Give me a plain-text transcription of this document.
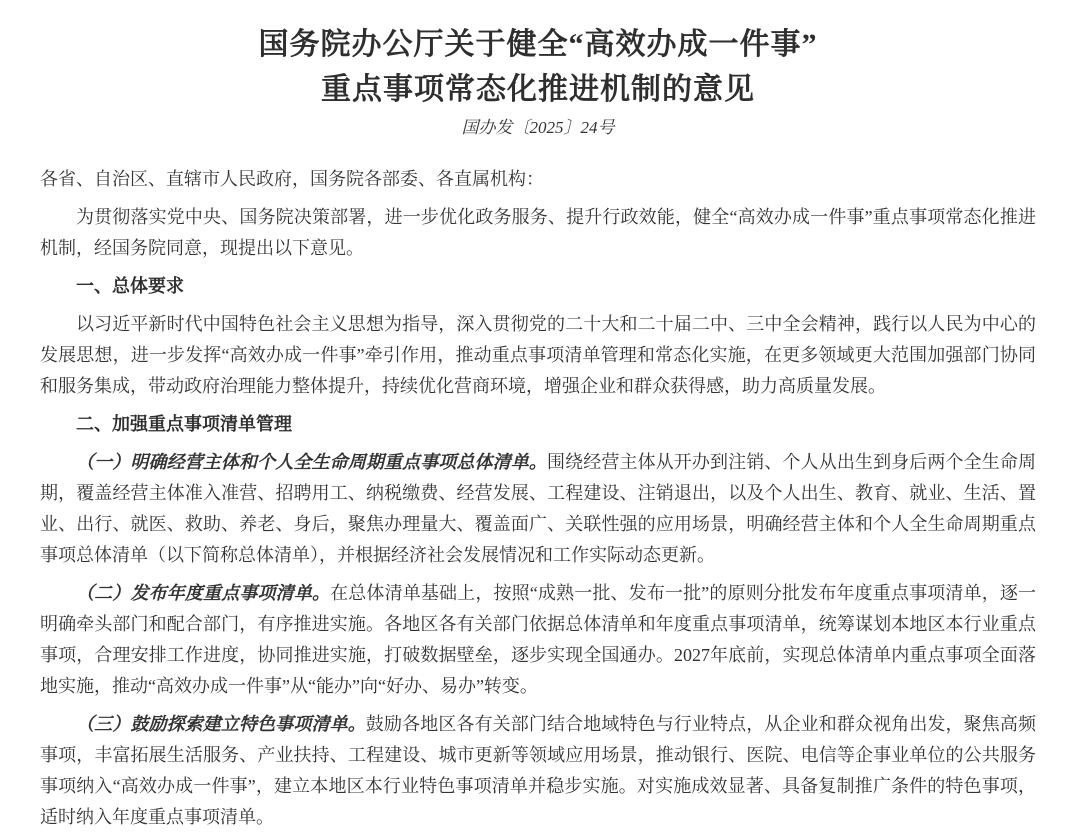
国务院办公厅关于健全“高效办成一件事”
重点事项常态化推进机制的意见
国办发〔2025〕24号

各省、自治区、直辖市人民政府，国务院各部委、各直属机构：

为贯彻落实党中央、国务院决策部署，进一步优化政务服务、提升行政效能，健全“高效办成一件事”重点事项常态化推进机制，经国务院同意，现提出以下意见。

一、总体要求

以习近平新时代中国特色社会主义思想为指导，深入贯彻党的二十大和二十届二中、三中全会精神，践行以人民为中心的发展思想，进一步发挥“高效办成一件事”牵引作用，推动重点事项清单管理和常态化实施，在更多领域更大范围加强部门协同和服务集成，带动政府治理能力整体提升，持续优化营商环境，增强企业和群众获得感，助力高质量发展。

二、加强重点事项清单管理

（一）明确经营主体和个人全生命周期重点事项总体清单。围绕经营主体从开办到注销、个人从出生到身后两个全生命周期，覆盖经营主体准入准营、招聘用工、纳税缴费、经营发展、工程建设、注销退出，以及个人出生、教育、就业、生活、置业、出行、就医、救助、养老、身后，聚焦办理量大、覆盖面广、关联性强的应用场景，明确经营主体和个人全生命周期重点事项总体清单（以下简称总体清单），并根据经济社会发展情况和工作实际动态更新。

（二）发布年度重点事项清单。在总体清单基础上，按照“成熟一批、发布一批”的原则分批发布年度重点事项清单，逐一明确牵头部门和配合部门，有序推进实施。各地区各有关部门依据总体清单和年度重点事项清单，统筹谋划本地区本行业重点事项，合理安排工作进度，协同推进实施，打破数据壁垒，逐步实现全国通办。2027年底前，实现总体清单内重点事项全面落地实施，推动“高效办成一件事”从“能办”向“好办、易办”转变。

（三）鼓励探索建立特色事项清单。鼓励各地区各有关部门结合地域特色与行业特点，从企业和群众视角出发，聚焦高频事项，丰富拓展生活服务、产业扶持、工程建设、城市更新等领域应用场景，推动银行、医院、电信等企事业单位的公共服务事项纳入“高效办成一件事”，建立本地区本行业特色事项清单并稳步实施。对实施成效显著、具备复制推广条件的特色事项，适时纳入年度重点事项清单。
